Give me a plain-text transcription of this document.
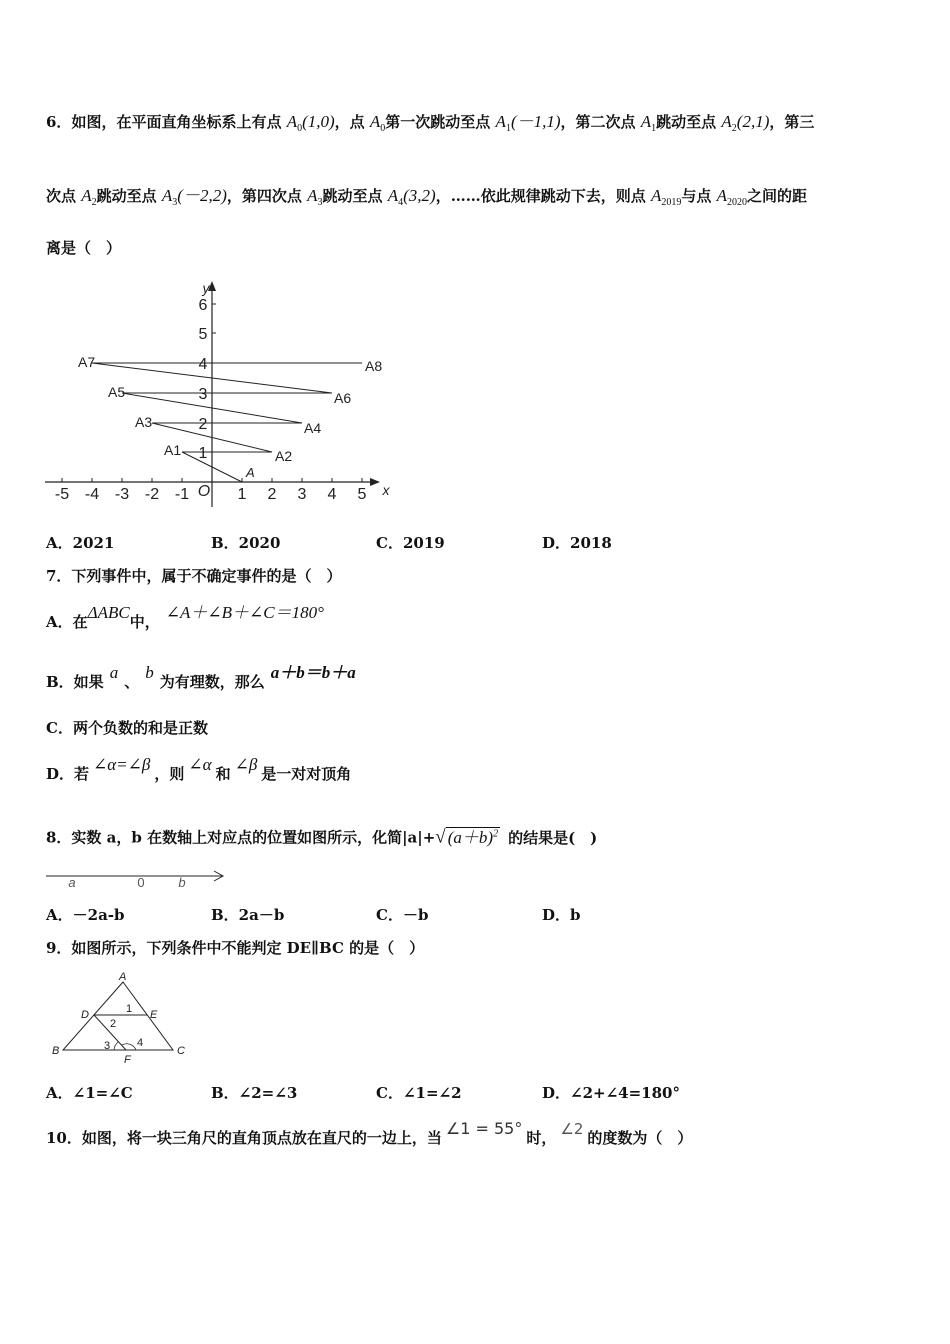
6．如图，在平面直角坐标系上有点 $A_0(1,0)$，点 $A_0$第一次跳动至点 $A_1(-1,1)$，第二次点 $A_1$跳动至点 $A_2(2,1)$，第三
次点 $A_2$跳动至点 $A_3(-2,2)$，第四次点 $A_3$跳动至点 $A_4(3,2)$，……依此规律跳动下去，则点 $A_{2019}$与点 $A_{2020}$之间的距
离是（　）
-5 -4 -3 -2 -1 O 1 2 3 4 5 x
1
2
3
4
5
6
y
A
A1	A2
A3	A4
A5	A6
A7	A8
A．2021	B．2020	C．2019	D．2018
7．下列事件中，属于不确定事件的是（　）
A．在ΔABC中， ∠A＋∠B＋∠C＝180°
B．如果 a 、 b 为有理数，那么 a＋b＝b＋a
C．两个负数的和是正数
D．若 ∠α=∠β ，则 ∠α 和 ∠β 是一对对顶角
8．实数 a，b 在数轴上对应点的位置如图所示，化简|a|+√ $(a+b)^2$ 的结果是(　)
a	0	b
A．－2a-b	B．2a－b	C．－b	D．b
9．如图所示，下列条件中不能判定 DE∥BC 的是（　）
A
D	E
B	C
F
1
2
3 4
A．∠1=∠C	B．∠2=∠3	C．∠1=∠2	D．∠2+∠4=180°
10．如图，将一块三角尺的直角顶点放在直尺的一边上，当 ∠1 = 55° 时， ∠2 的度数为（　）
